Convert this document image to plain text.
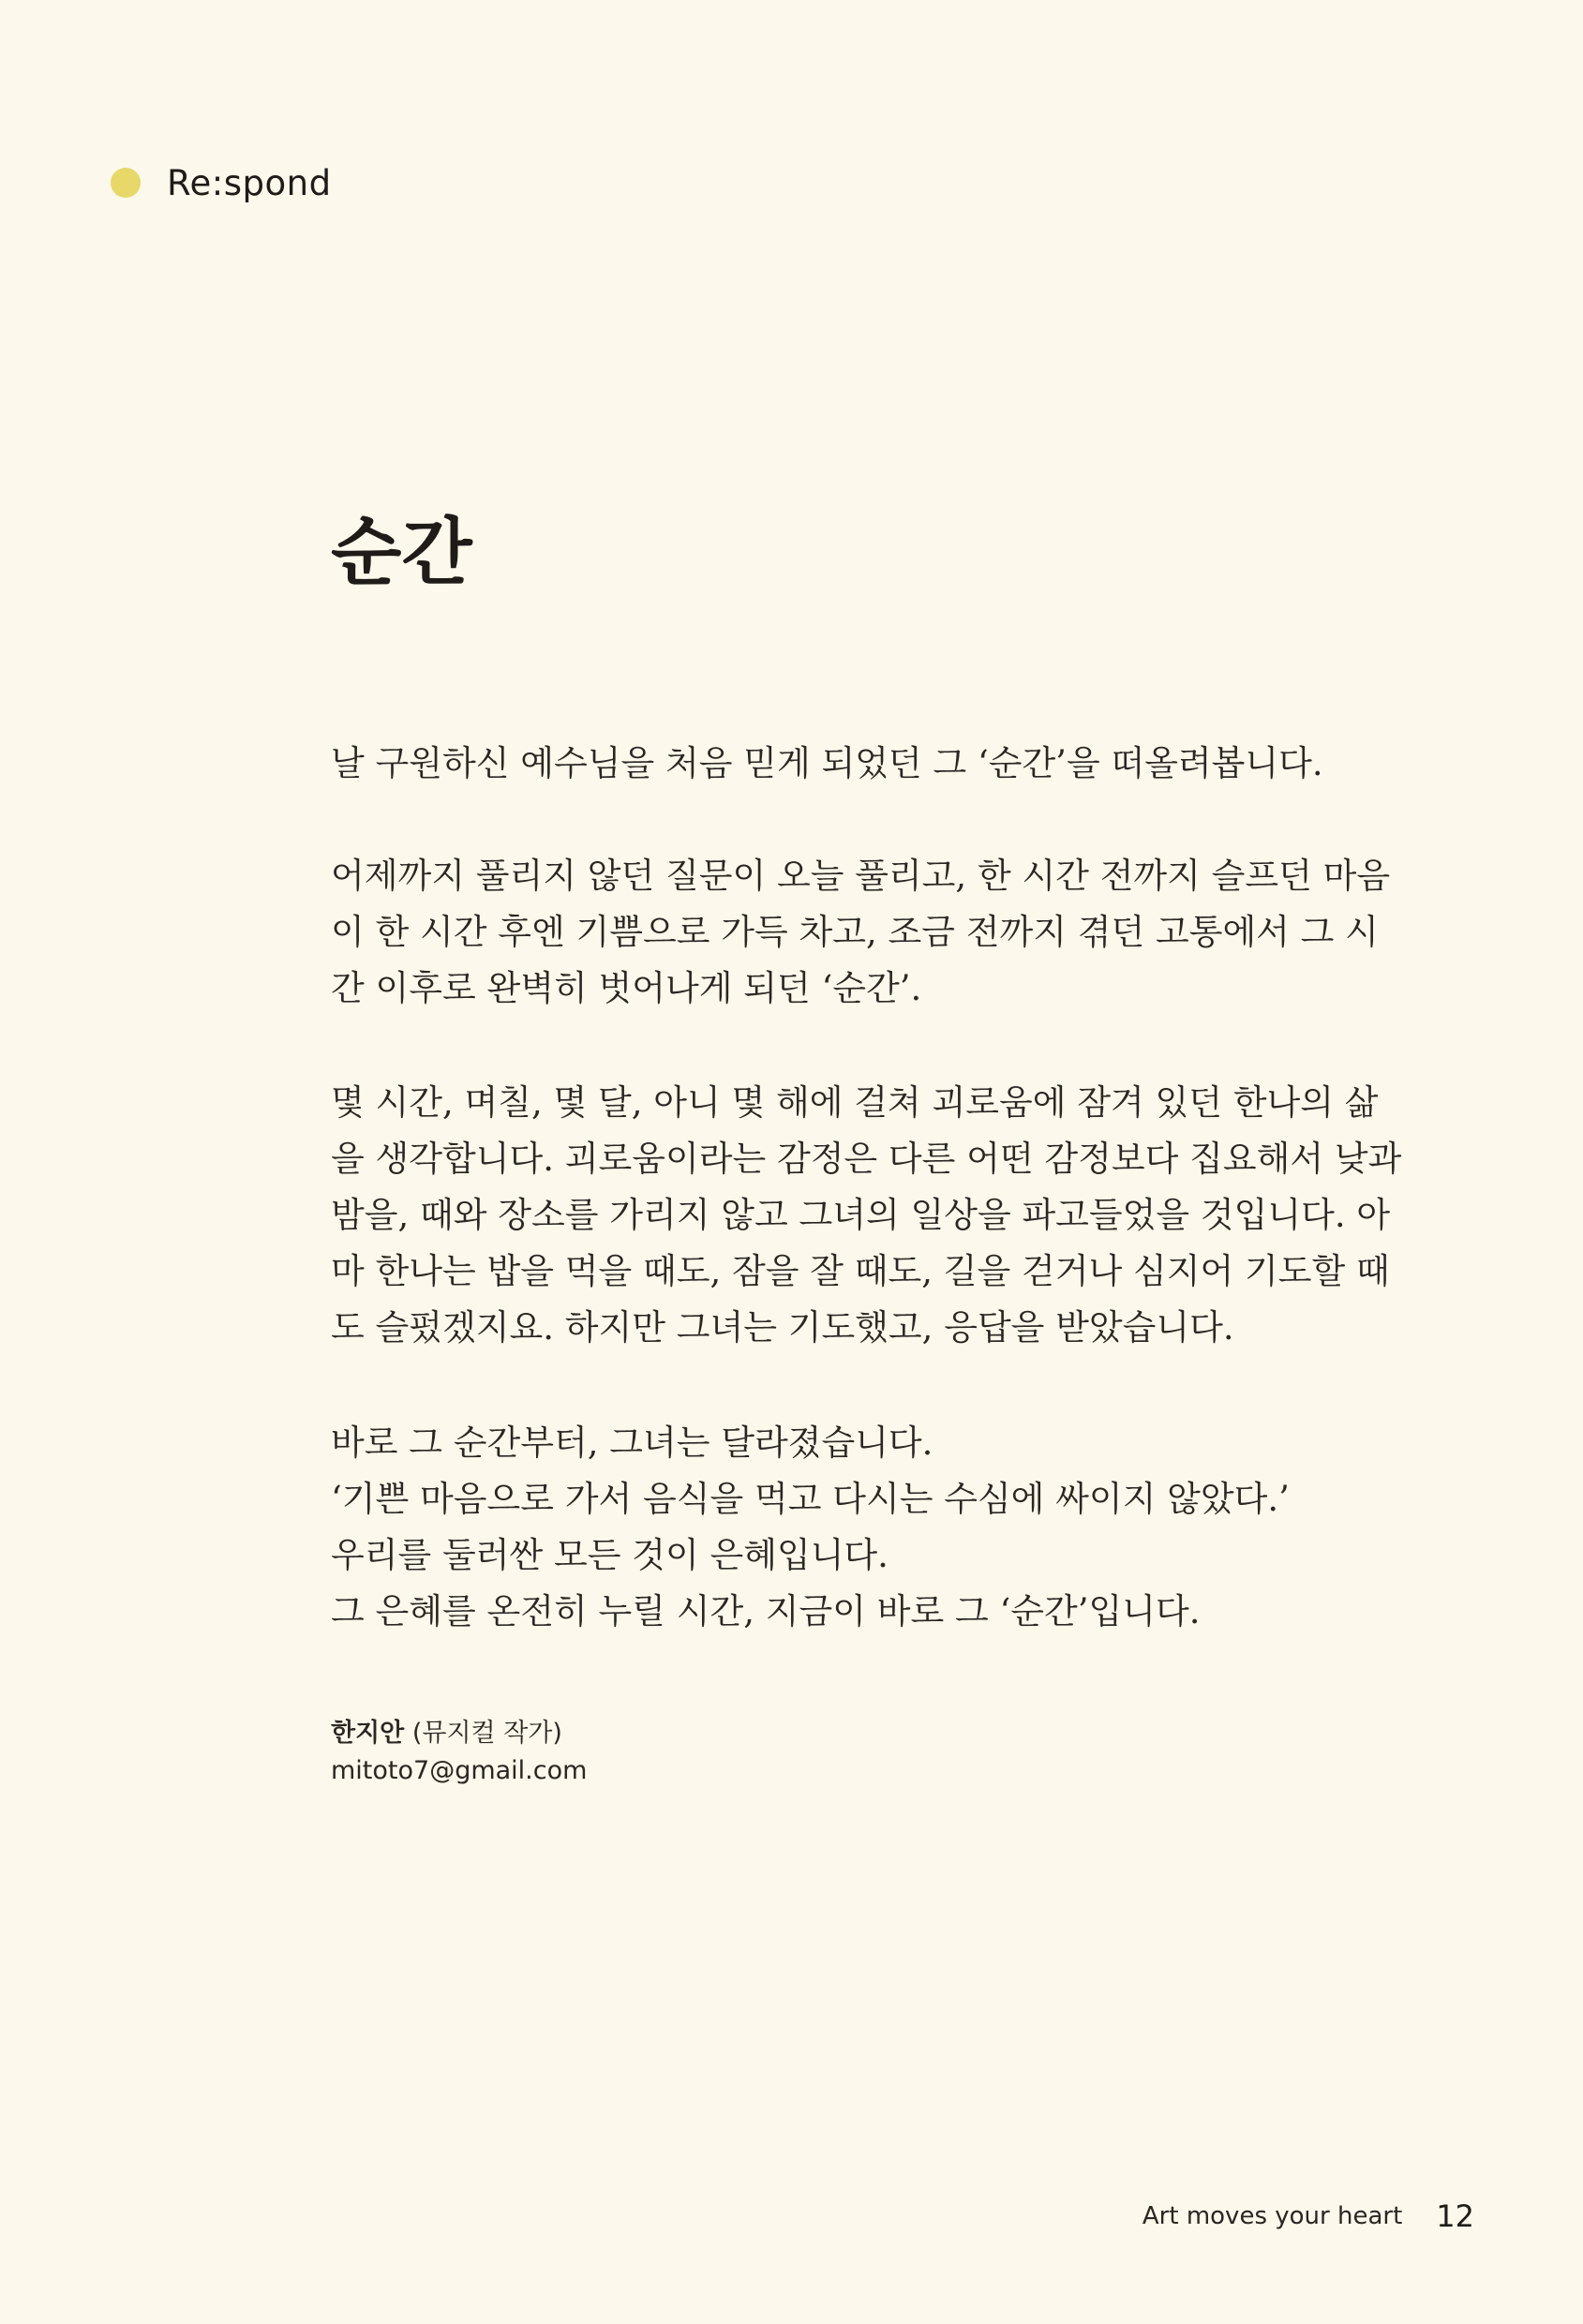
Re:spond
순간

날 구원하신 예수님을 처음 믿게 되었던 그 ‘순간’을 떠올려봅니다.

어제까지 풀리지 않던 질문이 오늘 풀리고, 한 시간 전까지 슬프던 마음
이 한 시간 후엔 기쁨으로 가득 차고, 조금 전까지 겪던 고통에서 그 시
간 이후로 완벽히 벗어나게 되던 ‘순간’.

몇 시간, 며칠, 몇 달, 아니 몇 해에 걸쳐 괴로움에 잠겨 있던 한나의 삶
을 생각합니다. 괴로움이라는 감정은 다른 어떤 감정보다 집요해서 낮과
밤을, 때와 장소를 가리지 않고 그녀의 일상을 파고들었을 것입니다. 아
마 한나는 밥을 먹을 때도, 잠을 잘 때도, 길을 걷거나 심지어 기도할 때
도 슬펐겠지요. 하지만 그녀는 기도했고, 응답을 받았습니다.

바로 그 순간부터, 그녀는 달라졌습니다.
‘기쁜 마음으로 가서 음식을 먹고 다시는 수심에 싸이지 않았다.’
우리를 둘러싼 모든 것이 은혜입니다.
그 은혜를 온전히 누릴 시간, 지금이 바로 그 ‘순간’입니다.

한지안 (뮤지컬 작가)
mitoto7@gmail.com
Art moves your heart 12
